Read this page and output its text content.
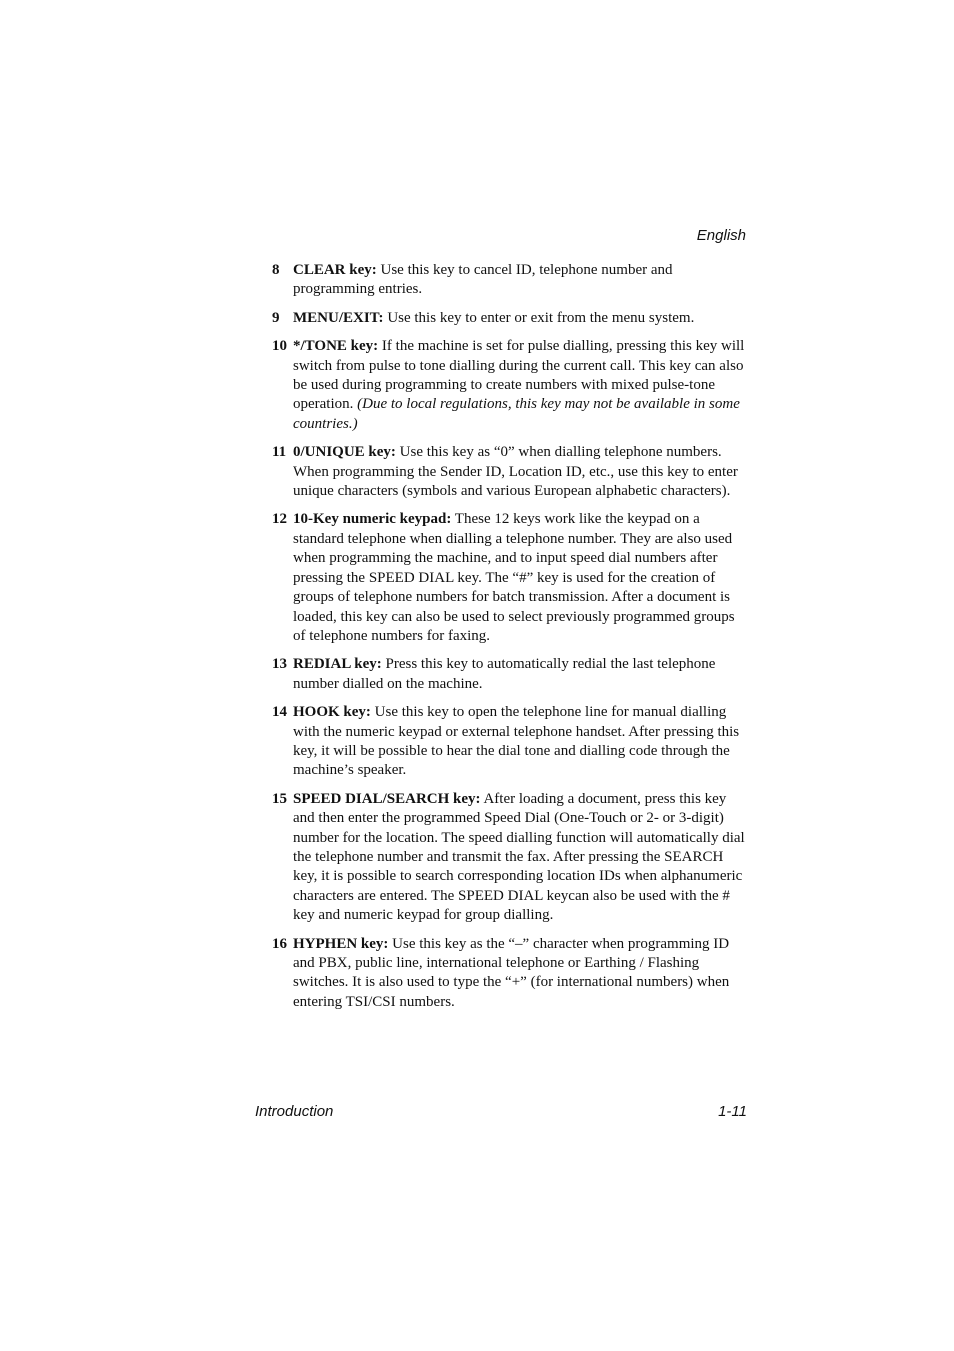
English
8 CLEAR key: Use this key to cancel ID, telephone number and programming entries.
9 MENU/EXIT: Use this key to enter or exit from the menu system.
10 */TONE key: If the machine is set for pulse dialling, pressing this key will switch from pulse to tone dialling during the current call. This key can also be used during programming to create numbers with mixed pulse-tone operation. (Due to local regulations, this key may not be available in some countries.)
11 0/UNIQUE key: Use this key as “0” when dialling telephone numbers. When programming the Sender ID, Location ID, etc., use this key to enter unique characters (symbols and various European alphabetic characters).
12 10-Key numeric keypad: These 12 keys work like the keypad on a standard telephone when dialling a telephone number. They are also used when programming the machine, and to input speed dial numbers after pressing the SPEED DIAL key. The “#” key is used for the creation of groups of telephone numbers for batch transmission. After a document is loaded, this key can also be used to select previously programmed groups of telephone numbers for faxing.
13 REDIAL key: Press this key to automatically redial the last telephone number dialled on the machine.
14 HOOK key: Use this key to open the telephone line for manual dialling with the numeric keypad or external telephone handset. After pressing this key, it will be possible to hear the dial tone and dialling code through the machine’s speaker.
15 SPEED DIAL/SEARCH key: After loading a document, press this key and then enter the programmed Speed Dial (One-Touch or 2- or 3-digit) number for the location. The speed dialling function will automatically dial the telephone number and transmit the fax. After pressing the SEARCH key, it is possible to search corresponding location IDs when alphanumeric characters are entered. The SPEED DIAL keycan also be used with the # key and numeric keypad for group dialling.
16 HYPHEN key: Use this key as the “–” character when programming ID and PBX, public line, international telephone or Earthing / Flashing switches. It is also used to type the “+” (for international numbers) when entering TSI/CSI numbers.
Introduction	1-11
